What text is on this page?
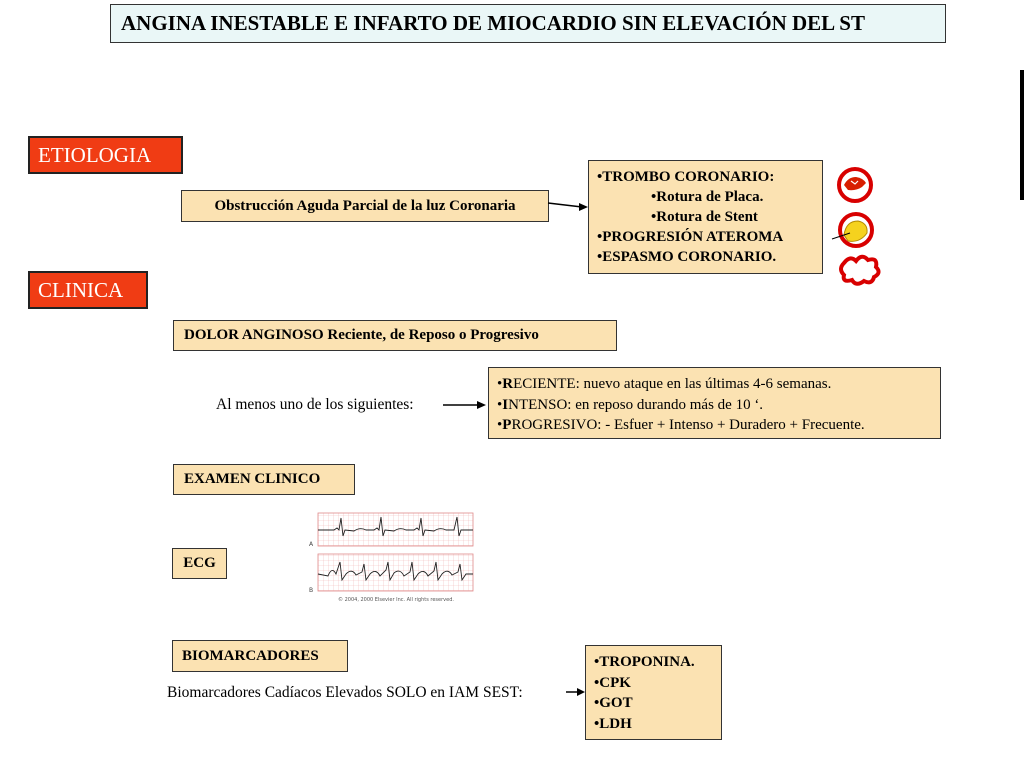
ANGINA INESTABLE E INFARTO DE MIOCARDIO SIN ELEVACIÓN DEL ST
ETIOLOGIA
CLINICA
Obstrucción Aguda Parcial de la luz Coronaria
•TROMBO CORONARIO:
•Rotura de Placa.
•Rotura de Stent
•PROGRESIÓN ATEROMA
•ESPASMO CORONARIO.
DOLOR ANGINOSO Reciente, de Reposo o Progresivo
Al menos uno de los siguientes:
•RECIENTE: nuevo ataque en las últimas 4-6 semanas.
•INTENSO: en reposo durando más de 10 ‘.
•PROGRESIVO: - Esfuer + Intenso + Duradero + Frecuente.
EXAMEN CLINICO
ECG
A
B
© 2004, 2000 Elsevier Inc. All rights reserved.
BIOMARCADORES
Biomarcadores Cadíacos Elevados SOLO en IAM SEST:
•TROPONINA.
•CPK
•GOT
•LDH
